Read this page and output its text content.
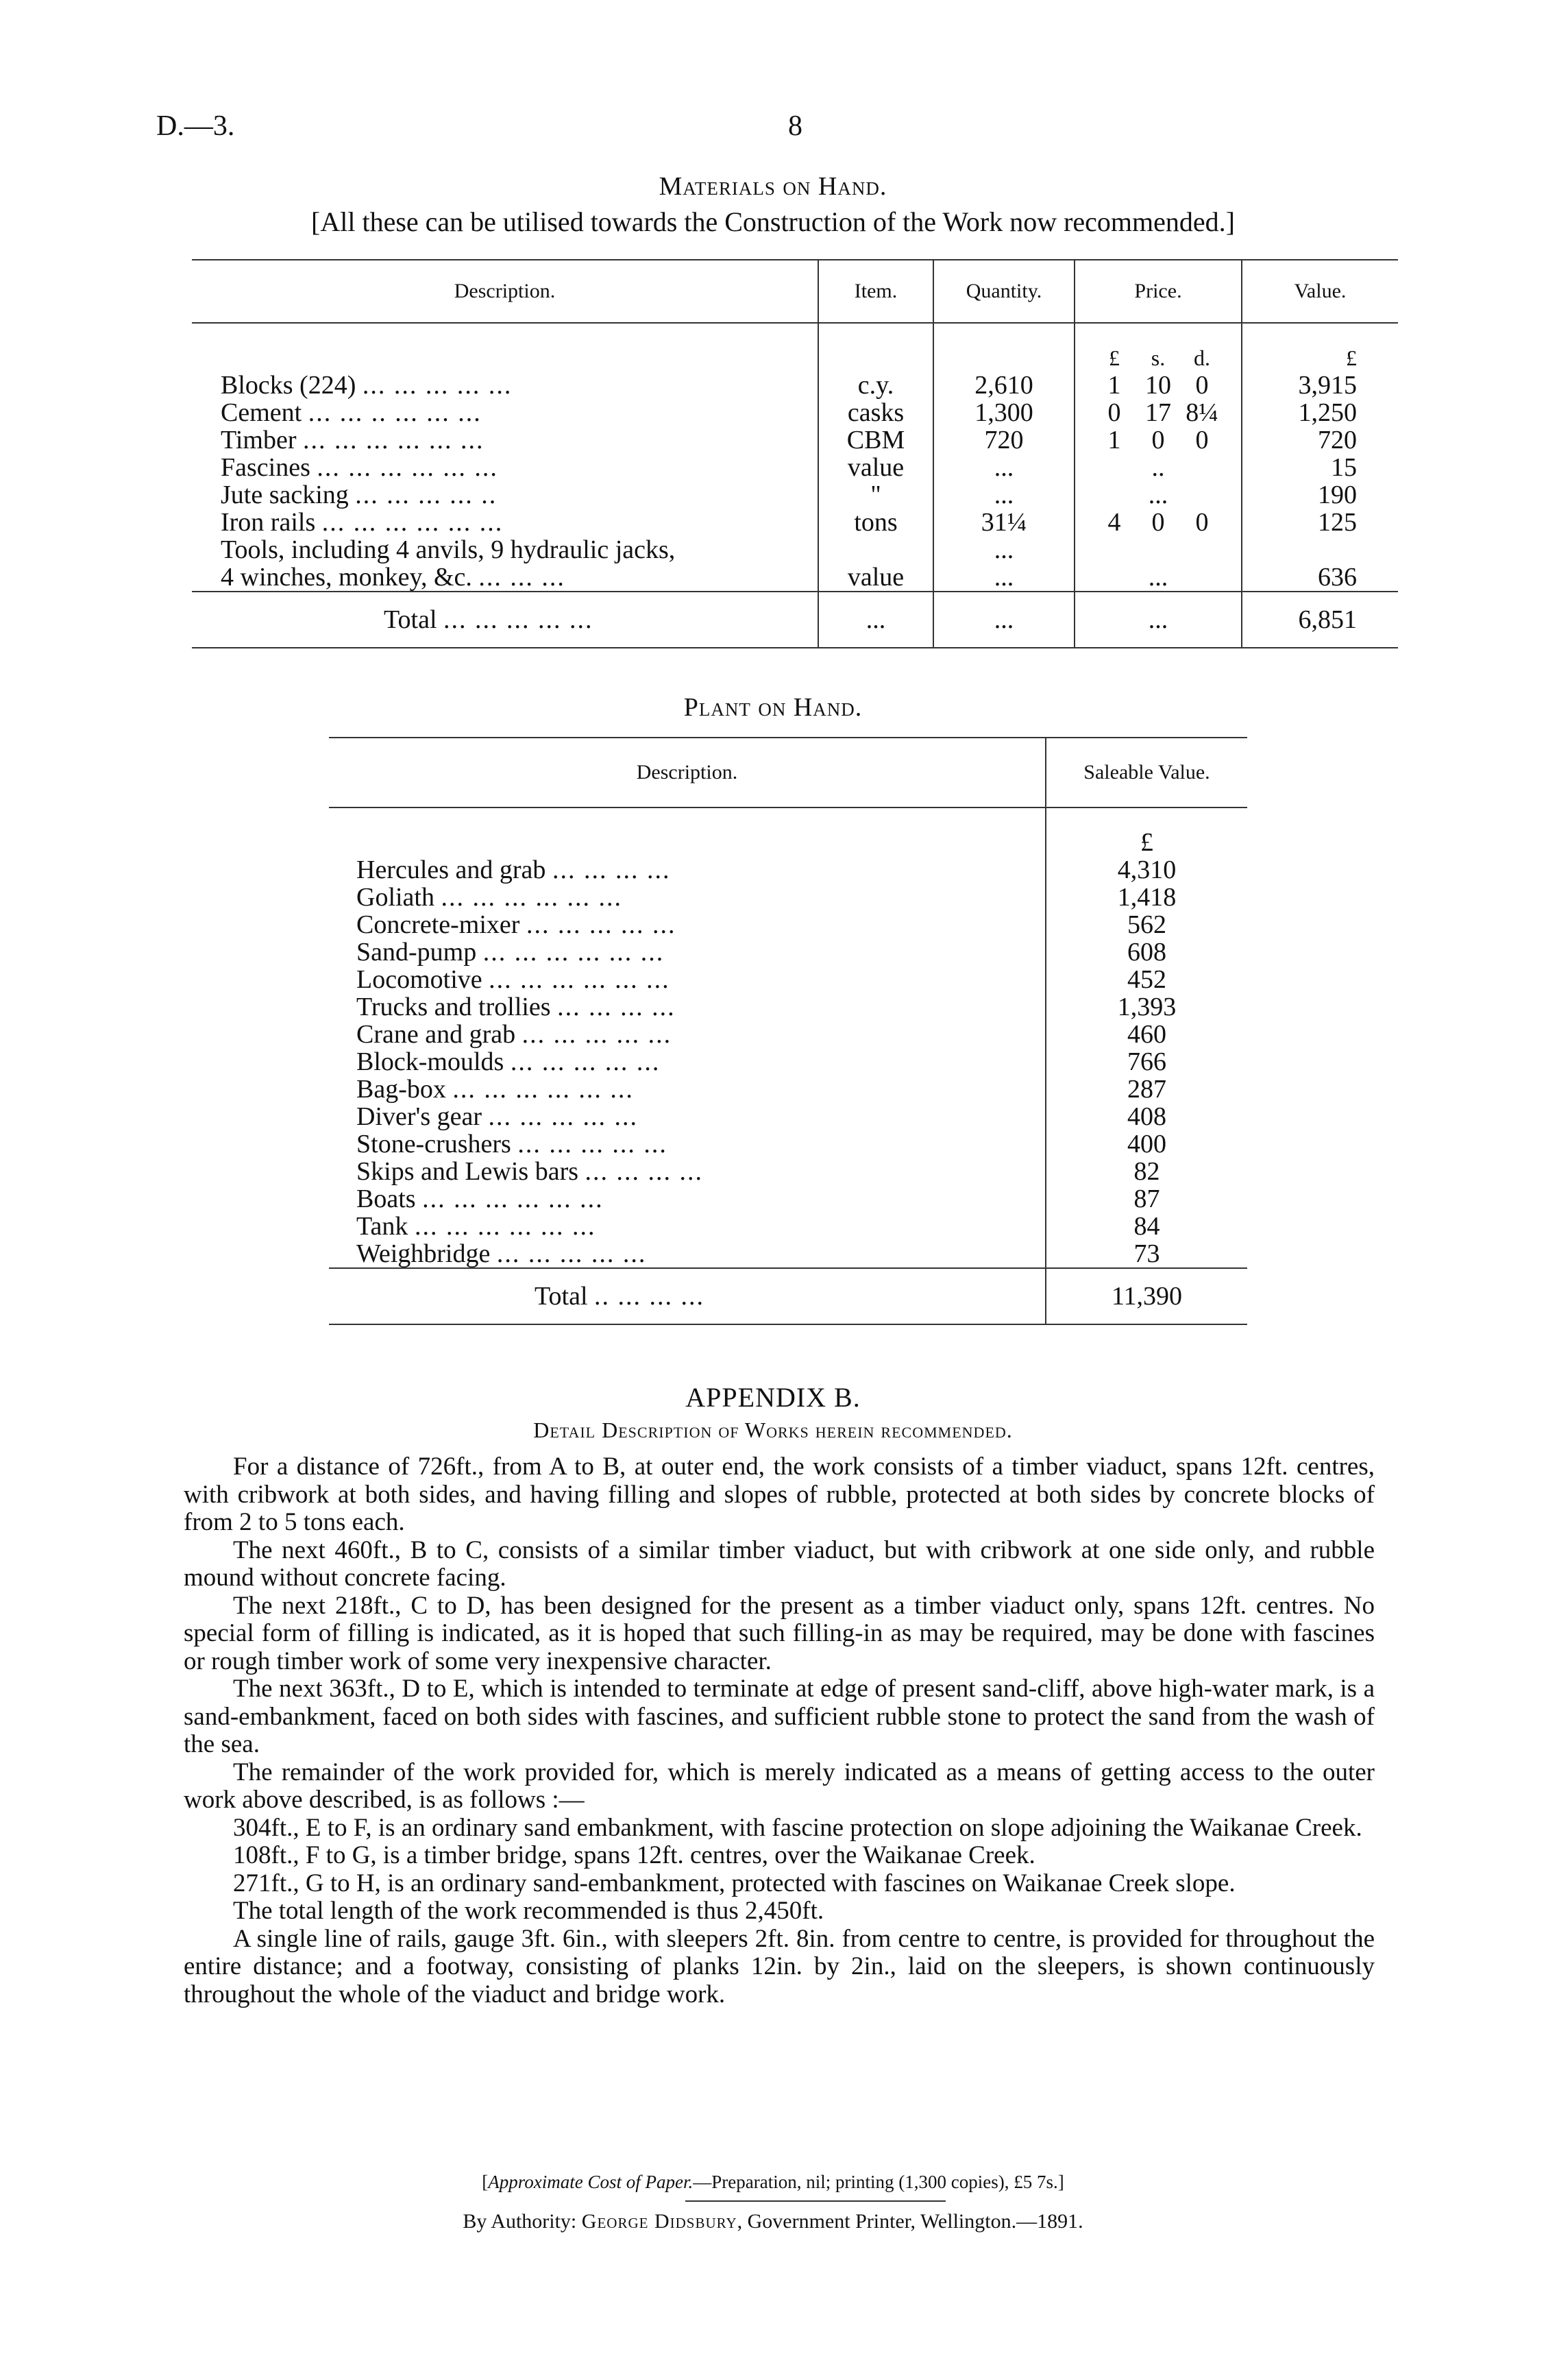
D.—3.	8
Materials on Hand.
[All these can be utilised towards the Construction of the Work now recommended.]
Description.	Item.	Quantity.	Price.	Value.

			£ s. d.	£
Blocks (224) ... ... ... ... ...	c.y.	2,610	1 10 0	3,915
Cement ... ... .. ... ... ...	casks	1,300	0 17 8¼	1,250
Timber ... ... ... ... ... ...	CBM	720	1 0 0	720
Fascines ... ... ... ... ... ...	value	...	..	15
Jute sacking ... ... ... ... ..	"	...	...	190
Iron rails ... ... ... ... ... ...	tons	31¼	4 0 0	125
Tools, including 4 anvils, 9 hydraulic jacks,		...		
4 winches, monkey, &c. ... ... ...	value	...	...	636
Total ... ... ... ... ...	...	...	...	6,851
Plant on Hand.
Description.	Saleable Value.

	£
Hercules and grab ... ... ... ...	4,310
Goliath ... ... ... ... ... ...	1,418
Concrete-mixer ... ... ... ... ...	562
Sand-pump ... ... ... ... ... ...	608
Locomotive ... ... ... ... ... ...	452
Trucks and trollies ... ... ... ...	1,393
Crane and grab ... ... ... ... ...	460
Block-moulds ... ... ... ... ...	766
Bag-box ... ... ... ... ... ...	287
Diver's gear ... ... ... ... ...	408
Stone-crushers ... ... ... ... ...	400
Skips and Lewis bars ... ... ... ...	82
Boats ... ... ... ... ... ...	87
Tank ... ... ... ... ... ...	84
Weighbridge ... ... ... ... ...	73
Total .. ... ... ...	11,390
APPENDIX B.
Detail Description of Works herein recommended.

For a distance of 726ft., from A to B, at outer end, the work consists of a timber viaduct, spans 12ft. centres, with cribwork at both sides, and having filling and slopes of rubble, protected at both sides by concrete blocks of from 2 to 5 tons each.

The next 460ft., B to C, consists of a similar timber viaduct, but with cribwork at one side only, and rubble mound without concrete facing.

The next 218ft., C to D, has been designed for the present as a timber viaduct only, spans 12ft. centres. No special form of filling is indicated, as it is hoped that such filling-in as may be required, may be done with fascines or rough timber work of some very inexpensive character.

The next 363ft., D to E, which is intended to terminate at edge of present sand-cliff, above high-water mark, is a sand-embankment, faced on both sides with fascines, and sufficient rubble stone to protect the sand from the wash of the sea.

The remainder of the work provided for, which is merely indicated as a means of getting access to the outer work above described, is as follows :—

304ft., E to F, is an ordinary sand embankment, with fascine protection on slope adjoining the Waikanae Creek.

108ft., F to G, is a timber bridge, spans 12ft. centres, over the Waikanae Creek.

271ft., G to H, is an ordinary sand-embankment, protected with fascines on Waikanae Creek slope.

The total length of the work recommended is thus 2,450ft.

A single line of rails, gauge 3ft. 6in., with sleepers 2ft. 8in. from centre to centre, is provided for throughout the entire distance; and a footway, consisting of planks 12in. by 2in., laid on the sleepers, is shown continuously throughout the whole of the viaduct and bridge work.

[Approximate Cost of Paper.—Preparation, nil; printing (1,300 copies), £5 7s.]
By Authority: George Didsbury, Government Printer, Wellington.—1891.
